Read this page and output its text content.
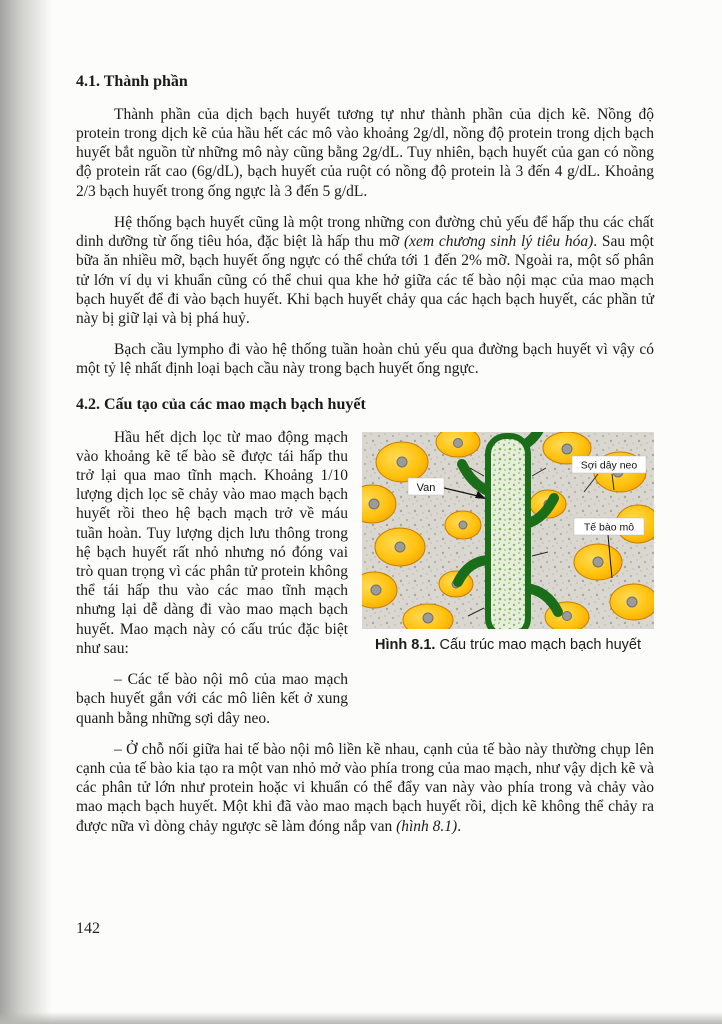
4.1. Thành phần

Thành phần của dịch bạch huyết tương tự như thành phần của dịch kẽ. Nồng độ protein trong dịch kẽ của hầu hết các mô vào khoảng 2g/dl, nồng độ protein trong dịch bạch huyết bắt nguồn từ những mô này cũng bằng 2g/dL. Tuy nhiên, bạch huyết của gan có nồng độ protein rất cao (6g/dL), bạch huyết của ruột có nồng độ protein là 3 đến 4 g/dL. Khoảng 2/3 bạch huyết trong ống ngực là 3 đến 5 g/dL.

Hệ thống bạch huyết cũng là một trong những con đường chủ yếu để hấp thu các chất dinh dưỡng từ ống tiêu hóa, đặc biệt là hấp thu mỡ (xem chương sinh lý tiêu hóa). Sau một bữa ăn nhiều mỡ, bạch huyết ống ngực có thể chứa tới 1 đến 2% mỡ. Ngoài ra, một số phân tử lớn ví dụ vi khuẩn cũng có thể chui qua khe hở giữa các tế bào nội mạc của mao mạch bạch huyết để đi vào bạch huyết. Khi bạch huyết chảy qua các hạch bạch huyết, các phần tử này bị giữ lại và bị phá huỷ.

Bạch cầu lympho đi vào hệ thống tuần hoàn chủ yếu qua đường bạch huyết vì vậy có một tỷ lệ nhất định loại bạch cầu này trong bạch huyết ống ngực.

4.2. Cấu tạo của các mao mạch bạch huyết
Van
Sợi dây neo
Tế bào mô
Hình 8.1. Cấu trúc mao mạch bạch huyết

Hầu hết dịch lọc từ mao động mạch vào khoảng kẽ tế bào sẽ được tái hấp thu trở lại qua mao tĩnh mạch. Khoảng 1/10 lượng dịch lọc sẽ chảy vào mao mạch bạch huyết rồi theo hệ bạch mạch trở về máu tuần hoàn. Tuy lượng dịch lưu thông trong hệ bạch huyết rất nhỏ nhưng nó đóng vai trò quan trọng vì các phân tử protein không thể tái hấp thu vào các mao tĩnh mạch nhưng lại dễ dàng đi vào mao mạch bạch huyết. Mao mạch này có cấu trúc đặc biệt như sau:

– Các tế bào nội mô của mao mạch bạch huyết gắn với các mô liên kết ở xung quanh bằng những sợi dây neo.

– Ở chỗ nối giữa hai tế bào nội mô liền kề nhau, cạnh của tế bào này thường chụp lên cạnh của tế bào kia tạo ra một van nhỏ mở vào phía trong của mao mạch, như vậy dịch kẽ và các phân tử lớn như protein hoặc vi khuẩn có thể đẩy van này vào phía trong và chảy vào mao mạch bạch huyết. Một khi đã vào mao mạch bạch huyết rồi, dịch kẽ không thể chảy ra được nữa vì dòng chảy ngược sẽ làm đóng nắp van (hình 8.1).

142
